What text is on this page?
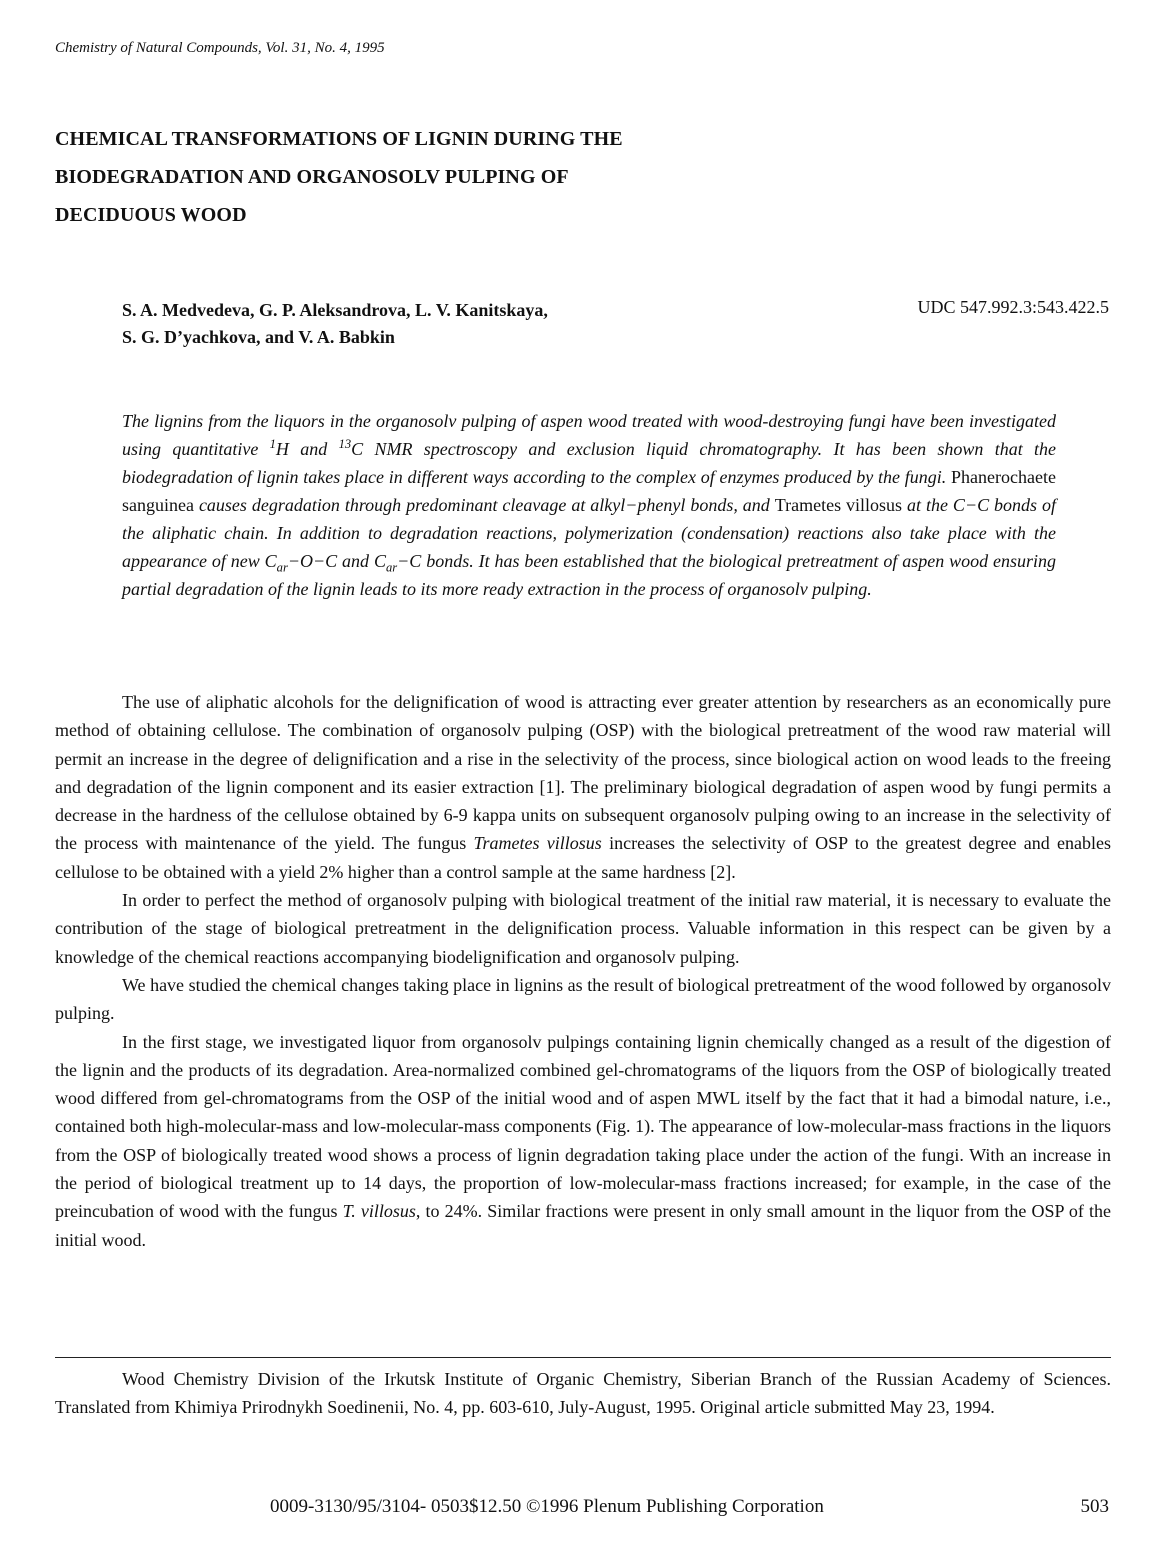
Chemistry of Natural Compounds, Vol. 31, No. 4, 1995
CHEMICAL TRANSFORMATIONS OF LIGNIN DURING THE
BIODEGRADATION AND ORGANOSOLV PULPING OF
DECIDUOUS WOOD
S. A. Medvedeva, G. P. Aleksandrova, L. V. Kanitskaya,
S. G. D’yachkova, and V. A. Babkin
UDC 547.992.3:543.422.5
The lignins from the liquors in the organosolv pulping of aspen wood treated with wood-destroying fungi have been investigated using quantitative $^1$H and $^{13}$C NMR spectroscopy and exclusion liquid chromatography. It has been shown that the biodegradation of lignin takes place in different ways according to the complex of enzymes produced by the fungi. Phanerochaete sanguinea causes degradation through predominant cleavage at alkyl−phenyl bonds, and Trametes villosus at the C−C bonds of the aliphatic chain. In addition to degradation reactions, polymerization (condensation) reactions also take place with the appearance of new $C_{ar}-O-C$ and $C_{ar}-C$ bonds. It has been established that the biological pretreatment of aspen wood ensuring partial degradation of the lignin leads to its more ready extraction in the process of organosolv pulping.

The use of aliphatic alcohols for the delignification of wood is attracting ever greater attention by researchers as an economically pure method of obtaining cellulose. The combination of organosolv pulping (OSP) with the biological pretreatment of the wood raw material will permit an increase in the degree of delignification and a rise in the selectivity of the process, since biological action on wood leads to the freeing and degradation of the lignin component and its easier extraction [1]. The preliminary biological degradation of aspen wood by fungi permits a decrease in the hardness of the cellulose obtained by 6-9 kappa units on subsequent organosolv pulping owing to an increase in the selectivity of the process with maintenance of the yield. The fungus Trametes villosus increases the selectivity of OSP to the greatest degree and enables cellulose to be obtained with a yield 2% higher than a control sample at the same hardness [2].

In order to perfect the method of organosolv pulping with biological treatment of the initial raw material, it is necessary to evaluate the contribution of the stage of biological pretreatment in the delignification process. Valuable information in this respect can be given by a knowledge of the chemical reactions accompanying biodelignification and organosolv pulping.

We have studied the chemical changes taking place in lignins as the result of biological pretreatment of the wood followed by organosolv pulping.

In the first stage, we investigated liquor from organosolv pulpings containing lignin chemically changed as a result of the digestion of the lignin and the products of its degradation. Area-normalized combined gel-chromatograms of the liquors from the OSP of biologically treated wood differed from gel-chromatograms from the OSP of the initial wood and of aspen MWL itself by the fact that it had a bimodal nature, i.e., contained both high-molecular-mass and low-molecular-mass components (Fig. 1). The appearance of low-molecular-mass fractions in the liquors from the OSP of biologically treated wood shows a process of lignin degradation taking place under the action of the fungi. With an increase in the period of biological treatment up to 14 days, the proportion of low-molecular-mass fractions increased; for example, in the case of the preincubation of wood with the fungus T. villosus, to 24%. Similar fractions were present in only small amount in the liquor from the OSP of the initial wood.

Wood Chemistry Division of the Irkutsk Institute of Organic Chemistry, Siberian Branch of the Russian Academy of Sciences. Translated from Khimiya Prirodnykh Soedinenii, No. 4, pp. 603-610, July-August, 1995. Original article submitted May 23, 1994.
0009-3130/95/3104- 0503$12.50 ©1996 Plenum Publishing Corporation	503
